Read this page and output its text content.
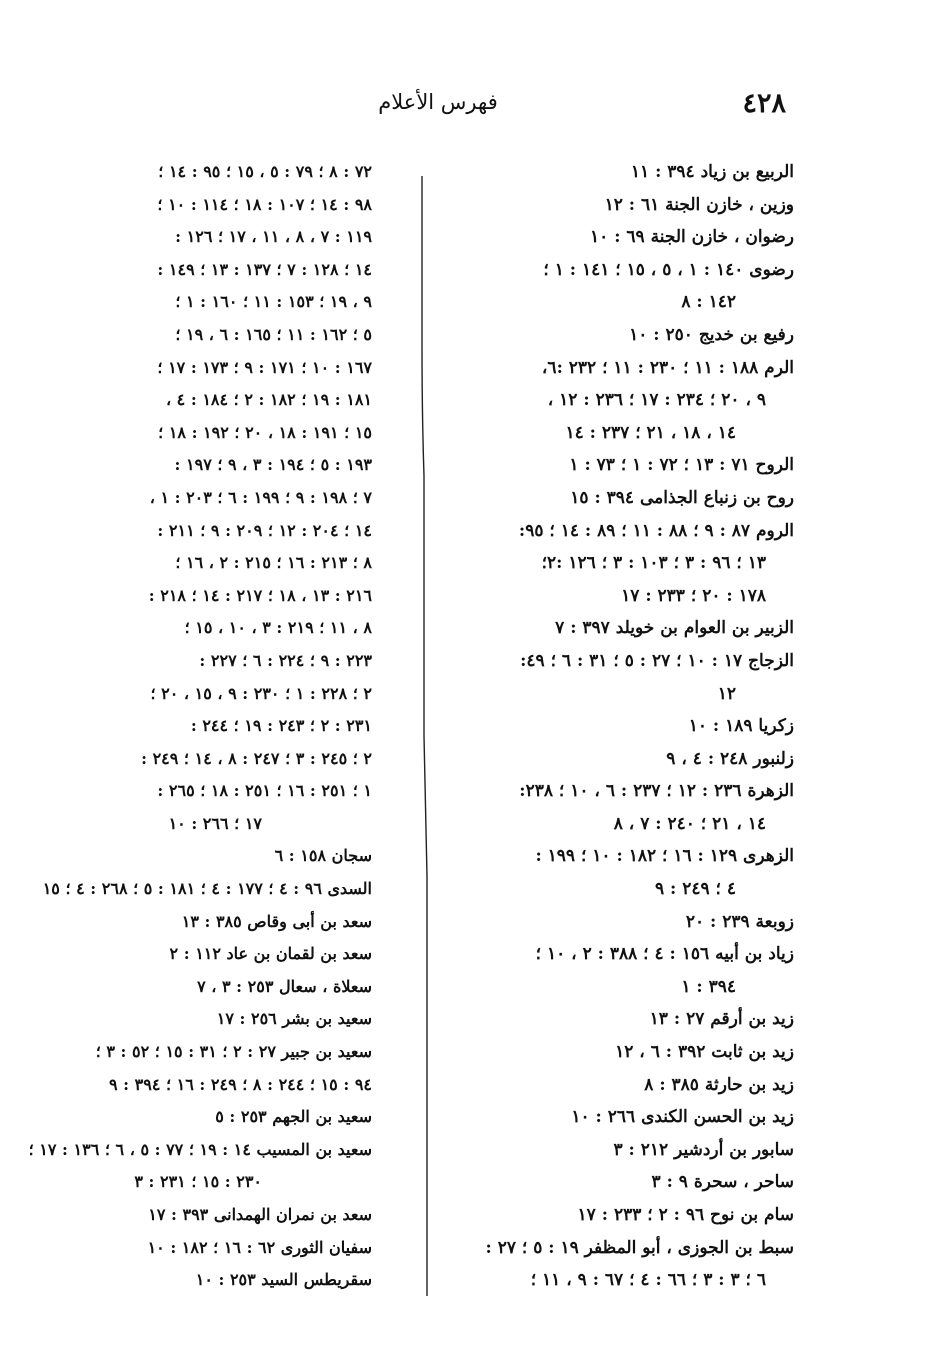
٤٢٨
فهرس الأعلام
الربيع بن زياد ٣٩٤ : ١١
وزين ، خازن الجنة ٦١ : ١٢
رضوان ، خازن الجنة ٦٩ : ١٠
رضوى ١٤٠ : ١ ، ٥ ، ١٥ ؛ ١٤١ : ١ ؛
١٤٢ : ٨
رفيع بن خديج ٢٥٠ : ١٠
الرم ١٨٨ : ١١ ؛ ٢٣٠ : ١١ ؛ ٢٣٢ :٦،
٩ ، ٢٠ ؛ ٢٣٤ : ١٧ ؛ ٢٣٦ : ١٢ ،
١٤ ، ١٨ ، ٢١ ؛ ٢٣٧ : ١٤
الروح ٧١ : ١٣ ؛ ٧٢ : ١ ؛ ٧٣ : ١
روح بن زنباع الجذامى ٣٩٤ : ١٥
الروم ٨٧ : ٩ ؛ ٨٨ : ١١ ؛ ٨٩ : ١٤ ؛ ٩٥:
١٣ ؛ ٩٦ : ٣ ؛ ١٠٣ : ٣ ؛ ١٢٦ :٢؛
١٧٨ : ٢٠ ؛ ٢٣٣ : ١٧
الزبير بن العوام بن خويلد ٣٩٧ : ٧
الزجاج ١٧ : ١٠ ؛ ٢٧ : ٥ ؛ ٣١ : ٦ ؛ ٤٩:
١٢
زكريا ١٨٩ : ١٠
زلنبور ٢٤٨ : ٤ ، ٩
الزهرة ٢٣٦ : ١٢ ؛ ٢٣٧ : ٦ ، ١٠ ؛ ٢٣٨:
١٤ ، ٢١ ؛ ٢٤٠ : ٧ ، ٨
الزهرى ١٢٩ : ١٦ ؛ ١٨٢ : ١٠ ؛ ١٩٩ :
٤ ؛ ٢٤٩ : ٩
زوبعة ٢٣٩ : ٢٠
زياد بن أبيه ١٥٦ : ٤ ؛ ٣٨٨ : ٢ ، ١٠ ؛
٣٩٤ : ١
زيد بن أرقم ٢٧ : ١٣
زيد بن ثابت ٣٩٢ : ٦ ، ١٢
زيد بن حارثة ٣٨٥ : ٨
زيد بن الحسن الكندى ٢٦٦ : ١٠
سابور بن أردشير ٢١٢ : ٣
ساحر ، سحرة ٩ : ٣
سام بن نوح ٩٦ : ٢ ؛ ٢٣٣ : ١٧
سبط بن الجوزى ، أبو المظفر ١٩ : ٥ ؛ ٢٧ :
٦ ؛ ٣ : ٣ ؛ ٦٦ : ٤ ؛ ٦٧ : ٩ ، ١١ ؛
٧٢ : ٨ ؛ ٧٩ : ٥ ، ١٥ ؛ ٩٥ : ١٤ ؛
٩٨ : ١٤ ؛ ١٠٧ : ١٨ ؛ ١١٤ : ١٠ ؛
١١٩ : ٧ ، ٨ ، ١١ ، ١٧ ؛ ١٢٦ :
١٤ ؛ ١٢٨ : ٧ ؛ ١٣٧ : ١٣ ؛ ١٤٩ :
٩ ، ١٩ ؛ ١٥٣ : ١١ ؛ ١٦٠ : ١ ؛
٥ ؛ ١٦٢ : ١١ ؛ ١٦٥ : ٦ ، ١٩ ؛
١٦٧ : ١٠ ؛ ١٧١ : ٩ ؛ ١٧٣ : ١٧ ؛
١٨١ : ١٩ ؛ ١٨٢ : ٢ ؛ ١٨٤ : ٤ ،
١٥ ؛ ١٩١ : ١٨ ، ٢٠ ؛ ١٩٢ : ١٨ ؛
١٩٣ : ٥ ؛ ١٩٤ : ٣ ، ٩ ؛ ١٩٧ :
٧ ؛ ١٩٨ : ٩ ؛ ١٩٩ : ٦ ؛ ٢٠٣ : ١ ،
١٤ ؛ ٢٠٤ : ١٢ ؛ ٢٠٩ : ٩ ؛ ٢١١ :
٨ ؛ ٢١٣ : ١٦ ؛ ٢١٥ : ٢ ، ١٦ ؛
٢١٦ : ١٣ ، ١٨ ؛ ٢١٧ : ١٤ ؛ ٢١٨ :
٨ ، ١١ ؛ ٢١٩ : ٣ ، ١٠ ، ١٥ ؛
٢٢٣ : ٩ ؛ ٢٢٤ : ٦ ؛ ٢٢٧ :
٢ ؛ ٢٢٨ : ١ ؛ ٢٣٠ : ٩ ، ١٥ ، ٢٠ ؛
٢٣١ : ٢ ؛ ٢٤٣ : ١٩ ؛ ٢٤٤ :
٢ ؛ ٢٤٥ : ٣ ؛ ٢٤٧ : ٨ ، ١٤ ؛ ٢٤٩ :
١ ؛ ٢٥١ : ١٦ ؛ ٢٥١ : ١٨ ؛ ٢٦٥ :
١٧ ؛ ٢٦٦ : ١٠
سجان ١٥٨ : ٦
السدى ٩٦ : ٤ ؛ ١٧٧ : ٤ ؛ ١٨١ : ٥ ؛ ٢٦٨ : ٤ ؛ ١٥
سعد بن أبى وقاص ٣٨٥ : ١٣
سعد بن لقمان بن عاد ١١٢ : ٢
سعلاة ، سعال ٢٥٣ : ٣ ، ٧
سعيد بن بشر ٢٥٦ : ١٧
سعيد بن جبير ٢٧ : ٢ ؛ ٣١ : ١٥ ؛ ٥٢ : ٣ ؛
٩٤ : ١٥ ؛ ٢٤٤ : ٨ ؛ ٢٤٩ : ١٦ ؛ ٣٩٤ : ٩
سعيد بن الجهم ٢٥٣ : ٥
سعيد بن المسيب ١٤ : ١٩ ؛ ٧٧ : ٥ ، ٦ ؛ ١٣٦ : ١٧ ؛
٢٣٠ : ١٥ ؛ ٢٣١ : ٣
سعد بن نمران الهمدانى ٣٩٣ : ١٧
سفيان الثورى ٦٢ : ١٦ ؛ ١٨٢ : ١٠
سقريطس السيد ٢٥٣ : ١٠
